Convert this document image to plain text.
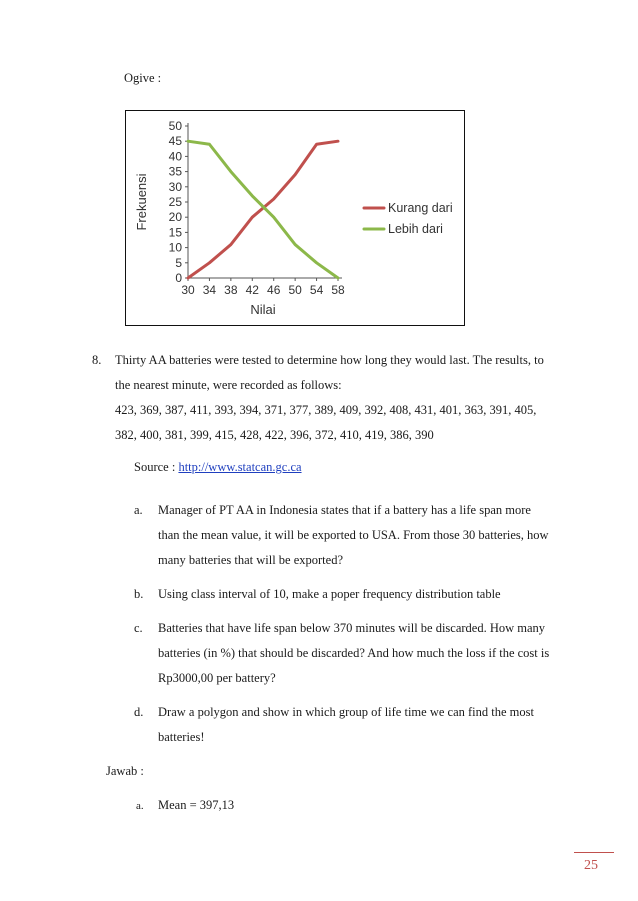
Ogive :
0
5
10
15
20
25
30
35
40
45
50
30 34 38 42 46 50 54 58
Nilai
Frekuensi	Kurang dari
Lebih dari
8. Thirty AA batteries were tested to determine how long they would last. The results, to
the nearest minute, were recorded as follows:
423, 369, 387, 411, 393, 394, 371, 377, 389, 409, 392, 408, 431, 401, 363, 391, 405,
382, 400, 381, 399, 415, 428, 422, 396, 372, 410, 419, 386, 390
Source : http://www.statcan.gc.ca
a. Manager of PT AA in Indonesia states that if a battery has a life span more
than the mean value, it will be exported to USA. From those 30 batteries, how
many batteries that will be exported?
b. Using class interval of 10, make a poper frequency distribution table
c. Batteries that have life span below 370 minutes will be discarded. How many
batteries (in %) that should be discarded? And how much the loss if the cost is
Rp3000,00 per battery?
d. Draw a polygon and show in which group of life time we can find the most
batteries!
Jawab :
a. Mean = 397,13
25
